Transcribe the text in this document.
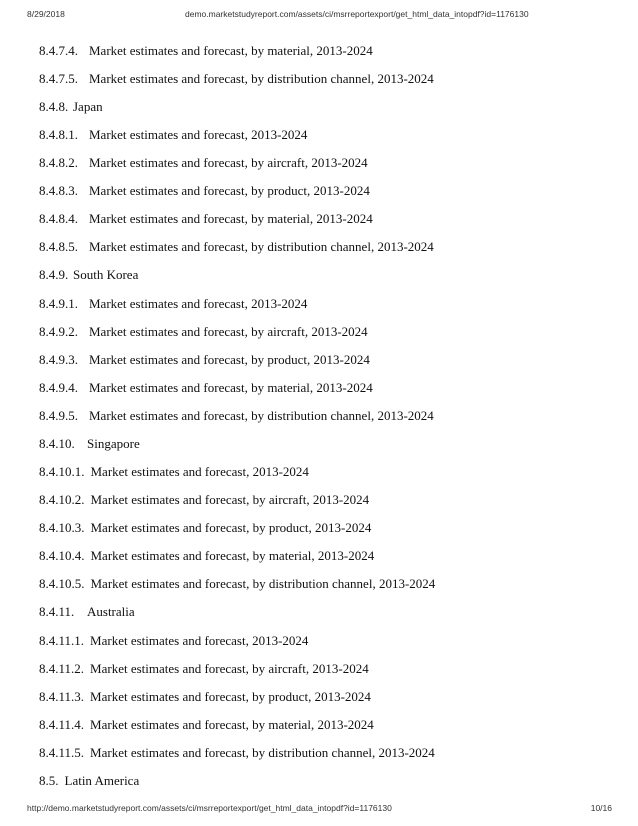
8/29/2018	demo.marketstudyreport.com/assets/ci/msrreportexport/get_html_data_intopdf?id=1176130
8.4.7.4. Market estimates and forecast, by material, 2013-2024
8.4.7.5. Market estimates and forecast, by distribution channel, 2013-2024
8.4.8. Japan
8.4.8.1. Market estimates and forecast, 2013-2024
8.4.8.2. Market estimates and forecast, by aircraft, 2013-2024
8.4.8.3. Market estimates and forecast, by product, 2013-2024
8.4.8.4. Market estimates and forecast, by material, 2013-2024
8.4.8.5. Market estimates and forecast, by distribution channel, 2013-2024
8.4.9. South Korea
8.4.9.1. Market estimates and forecast, 2013-2024
8.4.9.2. Market estimates and forecast, by aircraft, 2013-2024
8.4.9.3. Market estimates and forecast, by product, 2013-2024
8.4.9.4. Market estimates and forecast, by material, 2013-2024
8.4.9.5. Market estimates and forecast, by distribution channel, 2013-2024
8.4.10. Singapore
8.4.10.1. Market estimates and forecast, 2013-2024
8.4.10.2. Market estimates and forecast, by aircraft, 2013-2024
8.4.10.3. Market estimates and forecast, by product, 2013-2024
8.4.10.4. Market estimates and forecast, by material, 2013-2024
8.4.10.5. Market estimates and forecast, by distribution channel, 2013-2024
8.4.11. Australia
8.4.11.1. Market estimates and forecast, 2013-2024
8.4.11.2. Market estimates and forecast, by aircraft, 2013-2024
8.4.11.3. Market estimates and forecast, by product, 2013-2024
8.4.11.4. Market estimates and forecast, by material, 2013-2024
8.4.11.5. Market estimates and forecast, by distribution channel, 2013-2024
8.5. Latin America
http://demo.marketstudyreport.com/assets/ci/msrreportexport/get_html_data_intopdf?id=1176130	10/16
